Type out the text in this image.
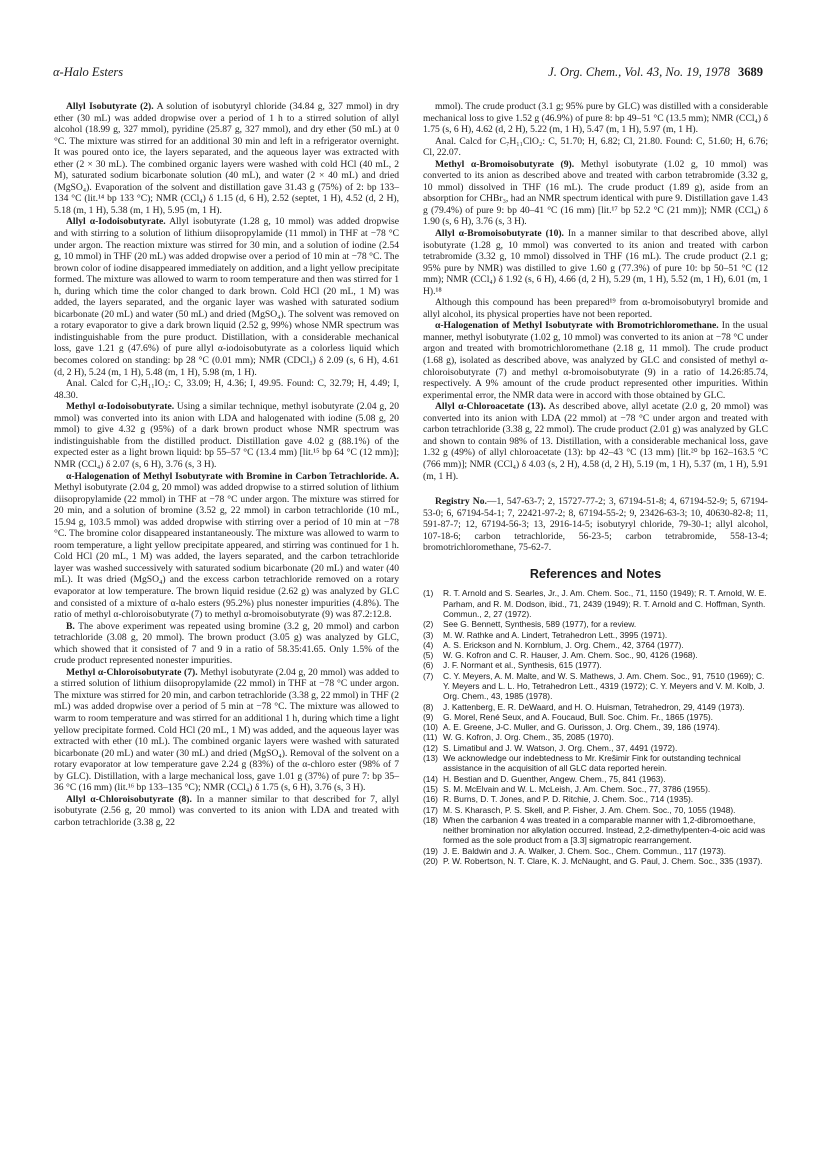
α-Halo Esters	J. Org. Chem., Vol. 43, No. 19, 1978 3689

Allyl Isobutyrate (2). A solution of isobutyryl chloride (34.84 g, 327 mmol) in dry ether (30 mL) was added dropwise over a period of 1 h to a stirred solution of allyl alcohol (18.99 g, 327 mmol), pyridine (25.87 g, 327 mmol), and dry ether (50 mL) at 0 °C. The mixture was stirred for an additional 30 min and left in a refrigerator overnight. It was poured onto ice, the layers separated, and the aqueous layer was extracted with ether (2 × 30 mL). The combined organic layers were washed with cold HCl (40 mL, 2 M), saturated sodium bicarbonate solution (40 mL), and water (2 × 40 mL) and dried (MgSO₄). Evaporation of the solvent and distillation gave 31.43 g (75%) of 2: bp 133–134 °C (lit.¹⁴ bp 133 °C); NMR (CCl₄) δ 1.15 (d, 6 H), 2.52 (septet, 1 H), 4.52 (d, 2 H), 5.18 (m, 1 H), 5.38 (m, 1 H), 5.95 (m, 1 H).

Allyl α-Iodoisobutyrate. Allyl isobutyrate (1.28 g, 10 mmol) was added dropwise and with stirring to a solution of lithium diisopropylamide (11 mmol) in THF at −78 °C under argon. The reaction mixture was stirred for 30 min, and a solution of iodine (2.54 g, 10 mmol) in THF (20 mL) was added dropwise over a period of 10 min at −78 °C. The brown color of iodine disappeared immediately on addition, and a light yellow precipitate formed. The mixture was allowed to warm to room temperature and then was stirred for 1 h, during which time the color changed to dark brown. Cold HCl (20 mL, 1 M) was added, the layers separated, and the organic layer was washed with saturated sodium bicarbonate (20 mL) and water (50 mL) and dried (MgSO₄). The solvent was removed on a rotary evaporator to give a dark brown liquid (2.52 g, 99%) whose NMR spectrum was indistinguishable from the pure product. Distillation, with a considerable mechanical loss, gave 1.21 g (47.6%) of pure allyl α-iodoisobutyrate as a colorless liquid which becomes colored on standing: bp 28 °C (0.01 mm); NMR (CDCl₃) δ 2.09 (s, 6 H), 4.61 (d, 2 H), 5.24 (m, 1 H), 5.48 (m, 1 H), 5.98 (m, 1 H).

Anal. Calcd for C₇H₁₁IO₂: C, 33.09; H, 4.36; I, 49.95. Found: C, 32.79; H, 4.49; I, 48.30.

Methyl α-Iodoisobutyrate. Using a similar technique, methyl isobutyrate (2.04 g, 20 mmol) was converted into its anion with LDA and halogenated with iodine (5.08 g, 20 mmol) to give 4.32 g (95%) of a dark brown product whose NMR spectrum was indistinguishable from the distilled product. Distillation gave 4.02 g (88.1%) of the expected ester as a light brown liquid: bp 55–57 °C (13.4 mm) [lit.¹⁵ bp 64 °C (12 mm)]; NMR (CCl₄) δ 2.07 (s, 6 H), 3.76 (s, 3 H).

α-Halogenation of Methyl Isobutyrate with Bromine in Carbon Tetrachloride. A. Methyl isobutyrate (2.04 g, 20 mmol) was added dropwise to a stirred solution of lithium diisopropylamide (22 mmol) in THF at −78 °C under argon. The mixture was stirred for 20 min, and a solution of bromine (3.52 g, 22 mmol) in carbon tetrachloride (10 mL, 15.94 g, 103.5 mmol) was added dropwise with stirring over a period of 10 min at −78 °C. The bromine color disappeared instantaneously. The mixture was allowed to warm to room temperature, a light yellow precipitate appeared, and stirring was continued for 1 h. Cold HCl (20 mL, 1 M) was added, the layers separated, and the carbon tetrachloride layer was washed successively with saturated sodium bicarbonate (20 mL) and water (40 mL). It was dried (MgSO₄) and the excess carbon tetrachloride removed on a rotary evaporator at low temperature. The brown liquid residue (2.62 g) was analyzed by GLC and consisted of a mixture of α-halo esters (95.2%) plus nonester impurities (4.8%). The ratio of methyl α-chloroisobutyrate (7) to methyl α-bromoisobutyrate (9) was 87.2:12.8.

B. The above experiment was repeated using bromine (3.2 g, 20 mmol) and carbon tetrachloride (3.08 g, 20 mmol). The brown product (3.05 g) was analyzed by GLC, which showed that it consisted of 7 and 9 in a ratio of 58.35:41.65. Only 1.5% of the crude product represented nonester impurities.

Methyl α-Chloroisobutyrate (7). Methyl isobutyrate (2.04 g, 20 mmol) was added to a stirred solution of lithium diisopropylamide (22 mmol) in THF at −78 °C under argon. The mixture was stirred for 20 min, and carbon tetrachloride (3.38 g, 22 mmol) in THF (2 mL) was added dropwise over a period of 5 min at −78 °C. The mixture was allowed to warm to room temperature and was stirred for an additional 1 h, during which time a light yellow precipitate formed. Cold HCl (20 mL, 1 M) was added, and the aqueous layer was extracted with ether (10 mL). The combined organic layers were washed with saturated bicarbonate (20 mL) and water (30 mL) and dried (MgSO₄). Removal of the solvent on a rotary evaporator at low temperature gave 2.24 g (83%) of the α-chloro ester (98% of 7 by GLC). Distillation, with a large mechanical loss, gave 1.01 g (37%) of pure 7: bp 35–36 °C (16 mm) (lit.¹⁶ bp 133–135 °C); NMR (CCl₄) δ 1.75 (s, 6 H), 3.76 (s, 3 H).

Allyl α-Chloroisobutyrate (8). In a manner similar to that described for 7, allyl isobutyrate (2.56 g, 20 mmol) was converted to its anion with LDA and treated with carbon tetrachloride (3.38 g, 22

mmol). The crude product (3.1 g; 95% pure by GLC) was distilled with a considerable mechanical loss to give 1.52 g (46.9%) of pure 8: bp 49–51 °C (13.5 mm); NMR (CCl₄) δ 1.75 (s, 6 H), 4.62 (d, 2 H), 5.22 (m, 1 H), 5.47 (m, 1 H), 5.97 (m, 1 H).

Anal. Calcd for C₇H₁₁ClO₂: C, 51.70; H, 6.82; Cl, 21.80. Found: C, 51.60; H, 6.76; Cl, 22.07.

Methyl α-Bromoisobutyrate (9). Methyl isobutyrate (1.02 g, 10 mmol) was converted to its anion as described above and treated with carbon tetrabromide (3.32 g, 10 mmol) dissolved in THF (16 mL). The crude product (1.89 g), aside from an absorption for CHBr₃, had an NMR spectrum identical with pure 9. Distillation gave 1.43 g (79.4%) of pure 9: bp 40–41 °C (16 mm) [lit.¹⁷ bp 52.2 °C (21 mm)]; NMR (CCl₄) δ 1.90 (s, 6 H), 3.76 (s, 3 H).

Allyl α-Bromoisobutyrate (10). In a manner similar to that described above, allyl isobutyrate (1.28 g, 10 mmol) was converted to its anion and treated with carbon tetrabromide (3.32 g, 10 mmol) dissolved in THF (16 mL). The crude product (2.1 g; 95% pure by NMR) was distilled to give 1.60 g (77.3%) of pure 10: bp 50–51 °C (12 mm); NMR (CCl₄) δ 1.92 (s, 6 H), 4.66 (d, 2 H), 5.29 (m, 1 H), 5.52 (m, 1 H), 6.01 (m, 1 H).¹⁸

Although this compound has been prepared¹⁹ from α-bromoisobutyryl bromide and allyl alcohol, its physical properties have not been reported.

α-Halogenation of Methyl Isobutyrate with Bromotrichloromethane. In the usual manner, methyl isobutyrate (1.02 g, 10 mmol) was converted to its anion at −78 °C under argon and treated with bromotrichloromethane (2.18 g, 11 mmol). The crude product (1.68 g), isolated as described above, was analyzed by GLC and consisted of methyl α-chloroisobutyrate (7) and methyl α-bromoisobutyrate (9) in a ratio of 14.26:85.74, respectively. A 9% amount of the crude product represented other impurities. Within experimental error, the NMR data were in accord with those obtained by GLC.

Allyl α-Chloroacetate (13). As described above, allyl acetate (2.0 g, 20 mmol) was converted into its anion with LDA (22 mmol) at −78 °C under argon and treated with carbon tetrachloride (3.38 g, 22 mmol). The crude product (2.01 g) was analyzed by GLC and shown to contain 98% of 13. Distillation, with a considerable mechanical loss, gave 1.32 g (49%) of allyl chloroacetate (13): bp 42–43 °C (13 mm) [lit.²⁰ bp 162–163.5 °C (766 mm)]; NMR (CCl₄) δ 4.03 (s, 2 H), 4.58 (d, 2 H), 5.19 (m, 1 H), 5.37 (m, 1 H), 5.91 (m, 1 H).

Registry No.—1, 547-63-7; 2, 15727-77-2; 3, 67194-51-8; 4, 67194-52-9; 5, 67194-53-0; 6, 67194-54-1; 7, 22421-97-2; 8, 67194-55-2; 9, 23426-63-3; 10, 40630-82-8; 11, 591-87-7; 12, 67194-56-3; 13, 2916-14-5; isobutyryl chloride, 79-30-1; allyl alcohol, 107-18-6; carbon tetrachloride, 56-23-5; carbon tetrabromide, 558-13-4; bromotrichloromethane, 75-62-7.

References and Notes
(1)	R. T. Arnold and S. Searles, Jr., J. Am. Chem. Soc., 71, 1150 (1949); R. T. Arnold, W. E. Parham, and R. M. Dodson, ibid., 71, 2439 (1949); R. T. Arnold and C. Hoffman, Synth. Commun., 2, 27 (1972).
(2)	See G. Bennett, Synthesis, 589 (1977), for a review.
(3)	M. W. Rathke and A. Lindert, Tetrahedron Lett., 3995 (1971).
(4)	A. S. Erickson and N. Kornblum, J. Org. Chem., 42, 3764 (1977).
(5)	W. G. Kofron and C. R. Hauser, J. Am. Chem. Soc., 90, 4126 (1968).
(6)	J. F. Normant et al., Synthesis, 615 (1977).
(7)	C. Y. Meyers, A. M. Malte, and W. S. Mathews, J. Am. Chem. Soc., 91, 7510 (1969); C. Y. Meyers and L. L. Ho, Tetrahedron Lett., 4319 (1972); C. Y. Meyers and V. M. Kolb, J. Org. Chem., 43, 1985 (1978).
(8)	J. Kattenberg, E. R. DeWaard, and H. O. Huisman, Tetrahedron, 29, 4149 (1973).
(9)	G. Morel, René Seux, and A. Foucaud, Bull. Soc. Chim. Fr., 1865 (1975).
(10) A. E. Greene, J-C. Muller, and G. Ourisson, J. Org. Chem., 39, 186 (1974).
(11) W. G. Kofron, J. Org. Chem., 35, 2085 (1970).
(12) S. Limatibul and J. W. Watson, J. Org. Chem., 37, 4491 (1972).
(13) We acknowledge our indebtedness to Mr. Krešimir Fink for outstanding technical assistance in the acquisition of all GLC data reported herein.
(14) H. Bestian and D. Guenther, Angew. Chem., 75, 841 (1963).
(15) S. M. McElvain and W. L. McLeish, J. Am. Chem. Soc., 77, 3786 (1955).
(16) R. Burns, D. T. Jones, and P. D. Ritchie, J. Chem. Soc., 714 (1935).
(17) M. S. Kharasch, P. S. Skell, and P. Fisher, J. Am. Chem. Soc., 70, 1055 (1948).
(18) When the carbanion 4 was treated in a comparable manner with 1,2-dibromoethane, neither bromination nor alkylation occurred. Instead, 2,2-dimethylpenten-4-oic acid was formed as the sole product from a [3.3] sigmatropic rearrangement.
(19) J. E. Baldwin and J. A. Walker, J. Chem. Soc., Chem. Commun., 117 (1973).
(20) P. W. Robertson, N. T. Clare, K. J. McNaught, and G. Paul, J. Chem. Soc., 335 (1937).
